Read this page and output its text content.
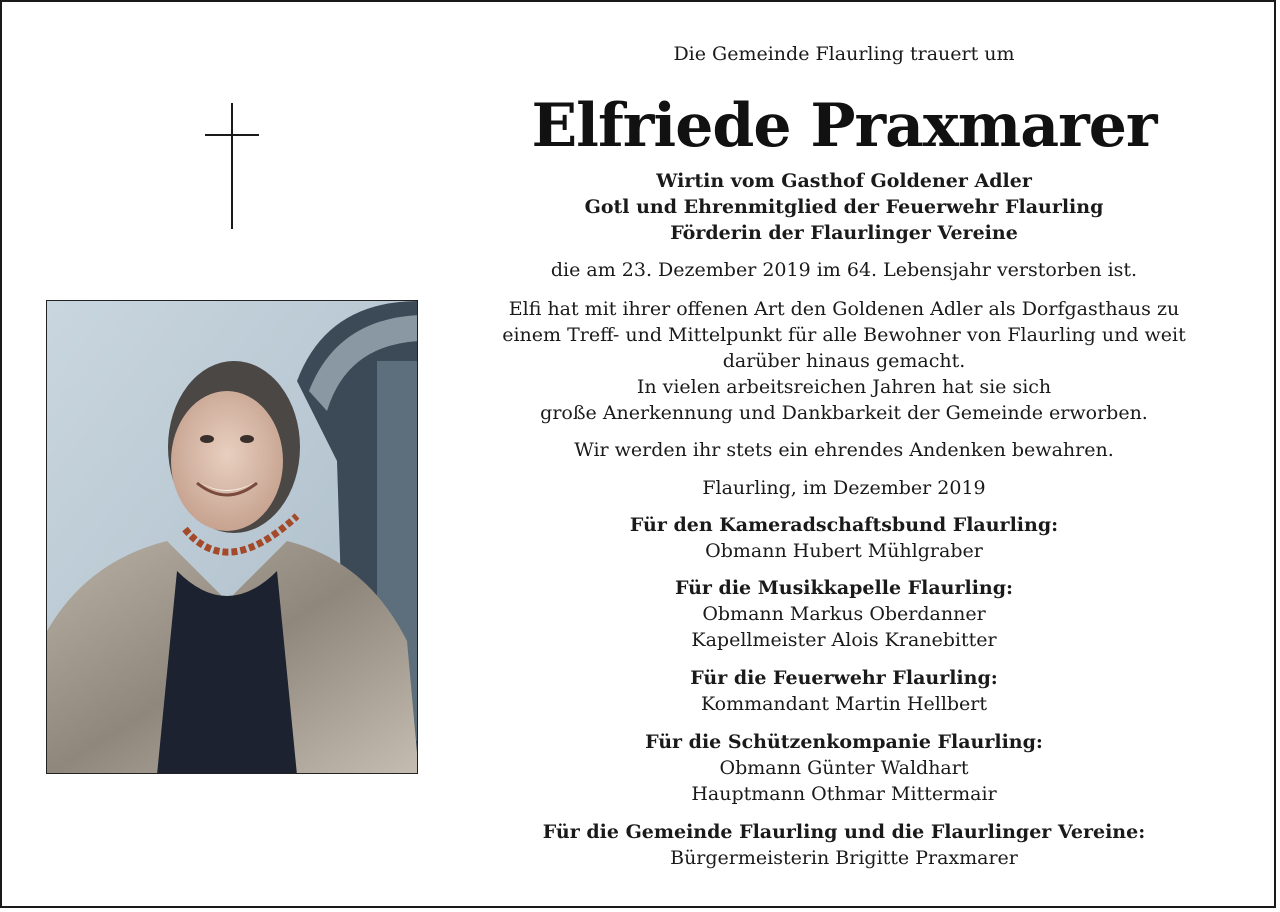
Die Gemeinde Flaurling trauert um
Elfriede Praxmarer
Wirtin vom Gasthof Goldener Adler
Gotl und Ehrenmitglied der Feuerwehr Flaurling
Förderin der Flaurlinger Vereine
die am 23. Dezember 2019 im 64. Lebensjahr verstorben ist.
Elfi hat mit ihrer offenen Art den Goldenen Adler als Dorfgasthaus zu
einem Treff- und Mittelpunkt für alle Bewohner von Flaurling und weit
darüber hinaus gemacht.
In vielen arbeitsreichen Jahren hat sie sich
große Anerkennung und Dankbarkeit der Gemeinde erworben.
Wir werden ihr stets ein ehrendes Andenken bewahren.
Flaurling, im Dezember 2019
Für den Kameradschaftsbund Flaurling:
Obmann Hubert Mühlgraber
Für die Musikkapelle Flaurling:
Obmann Markus Oberdanner
Kapellmeister Alois Kranebitter
Für die Feuerwehr Flaurling:
Kommandant Martin Hellbert
Für die Schützenkompanie Flaurling:
Obmann Günter Waldhart
Hauptmann Othmar Mittermair
Für die Gemeinde Flaurling und die Flaurlinger Vereine:
Bürgermeisterin Brigitte Praxmarer
